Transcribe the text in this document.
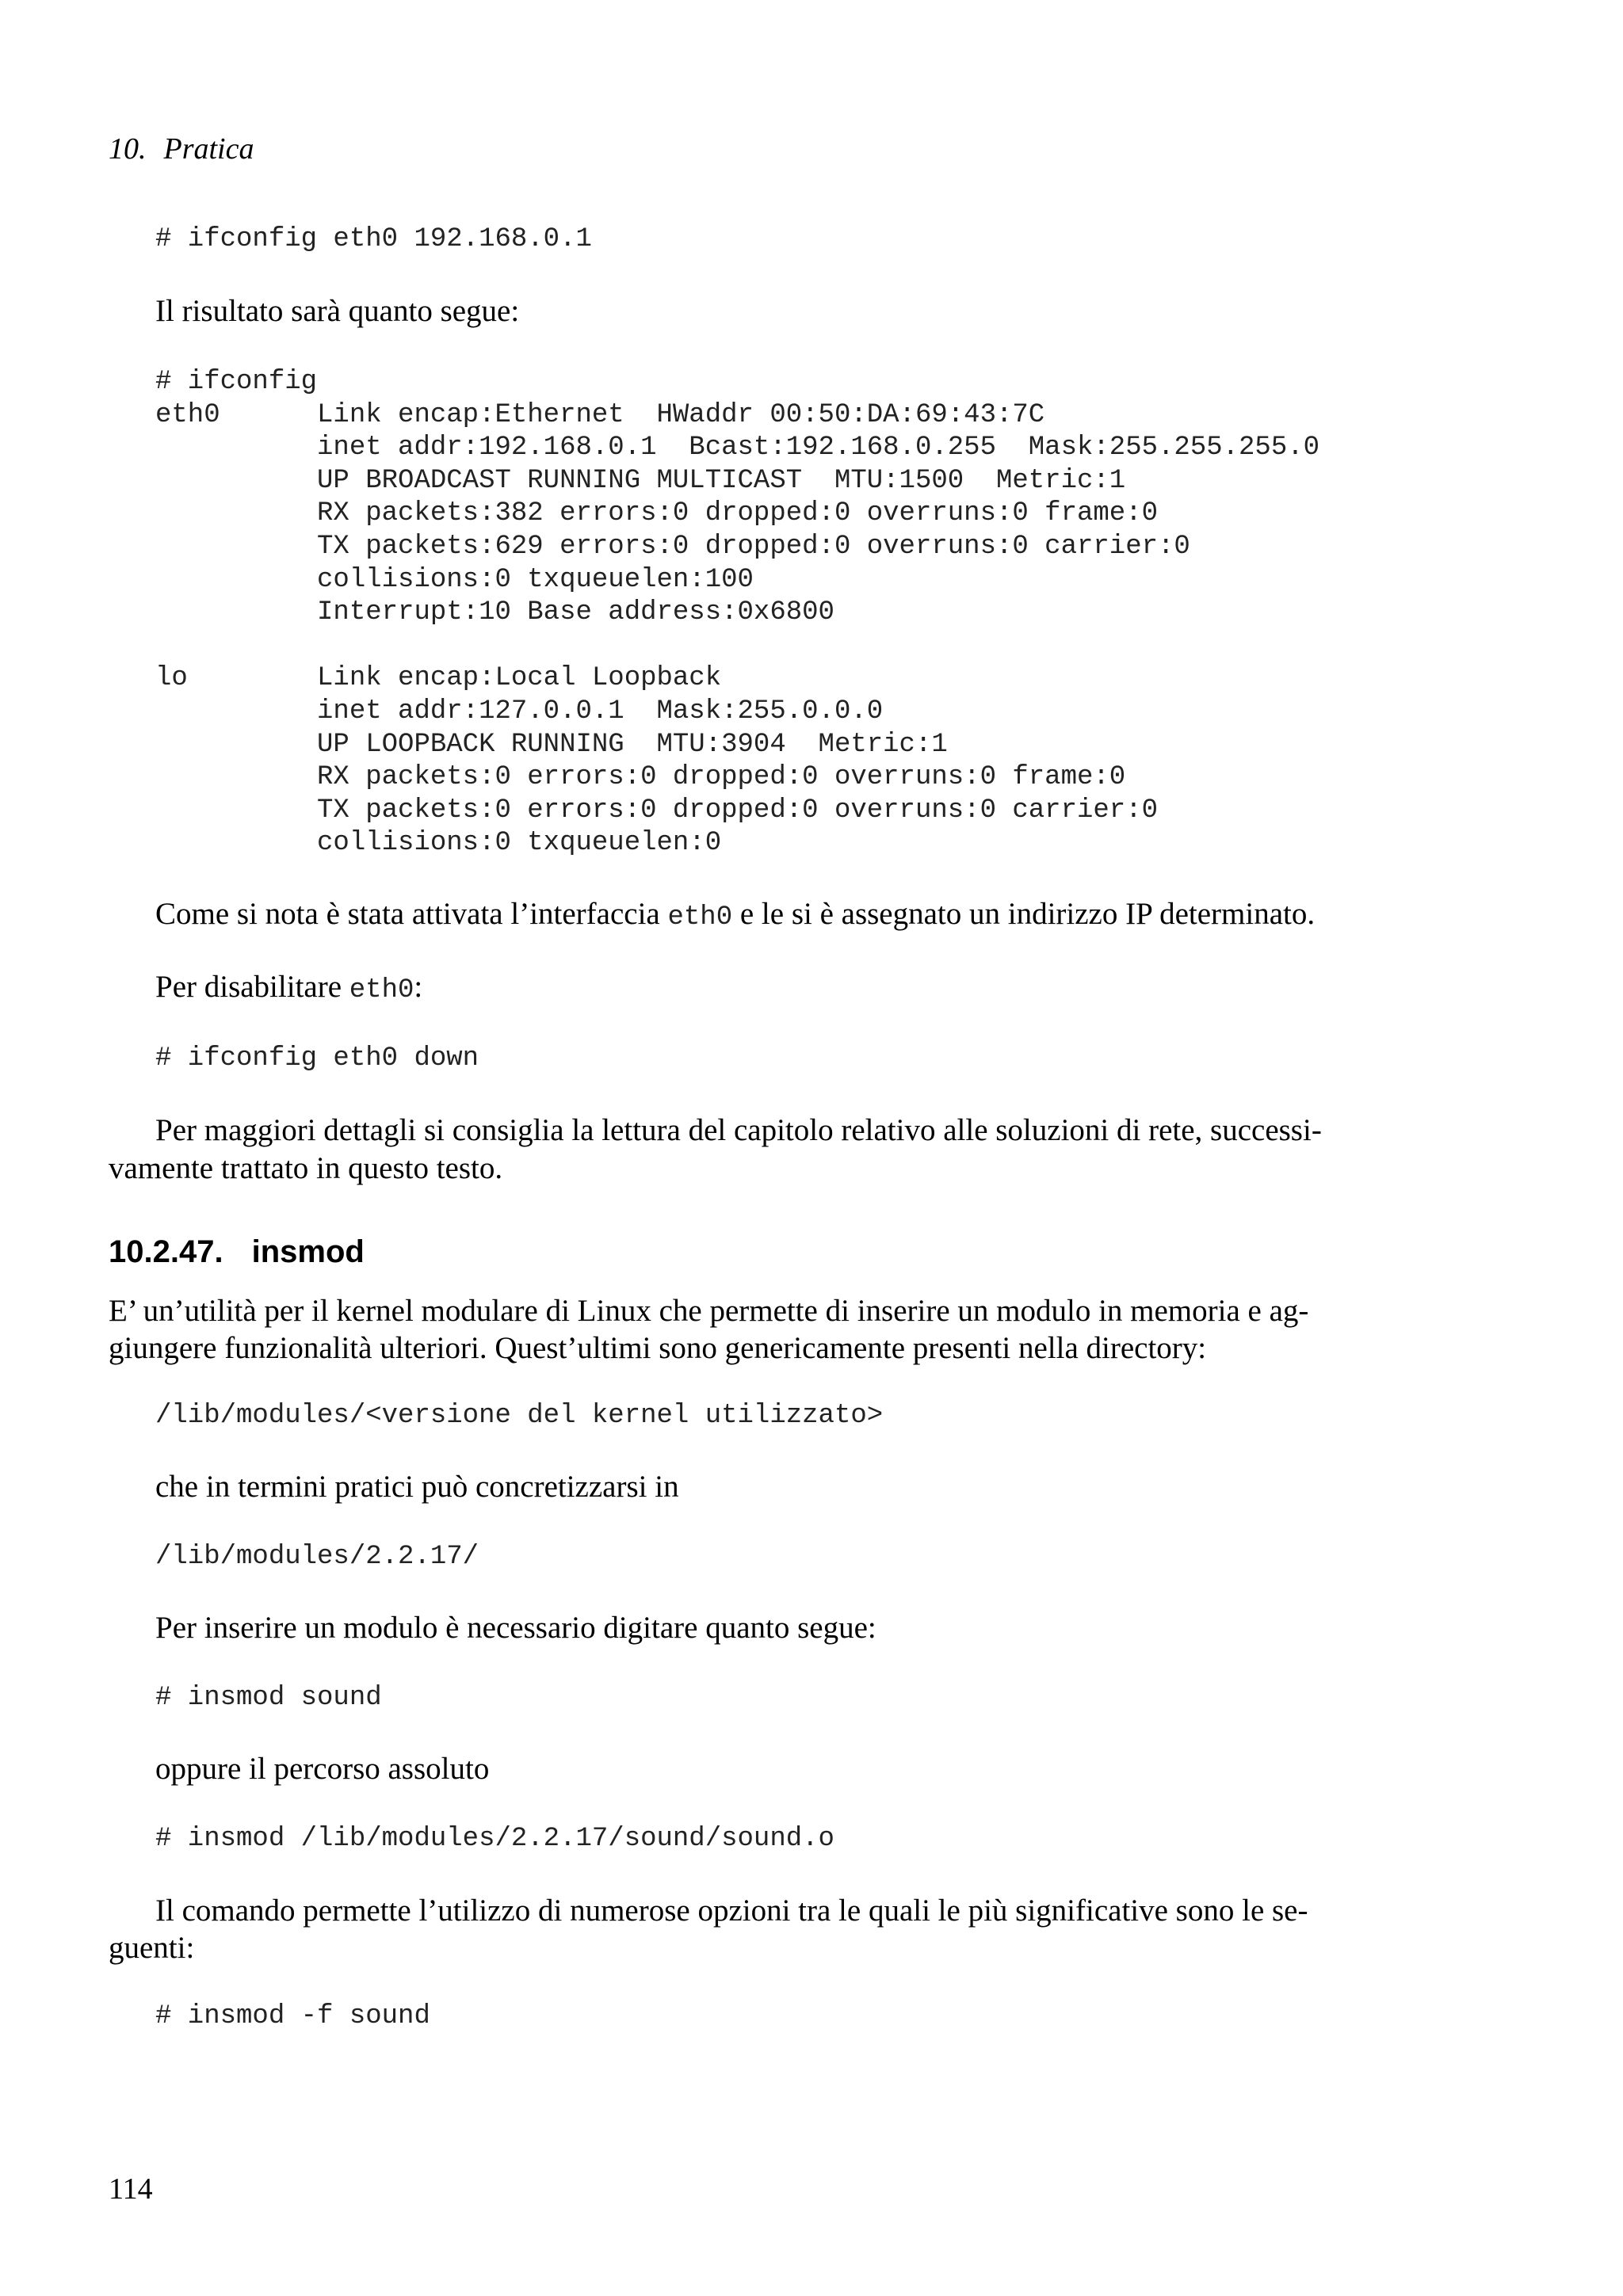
10. Pratica
# ifconfig eth0 192.168.0.1

Il risultato sarà quanto segue:

# ifconfig
eth0      Link encap:Ethernet  HWaddr 00:50:DA:69:43:7C
inet addr:192.168.0.1  Bcast:192.168.0.255  Mask:255.255.255.0
UP BROADCAST RUNNING MULTICAST  MTU:1500  Metric:1
RX packets:382 errors:0 dropped:0 overruns:0 frame:0
TX packets:629 errors:0 dropped:0 overruns:0 carrier:0
collisions:0 txqueuelen:100
Interrupt:10 Base address:0x6800

lo        Link encap:Local Loopback
inet addr:127.0.0.1  Mask:255.0.0.0
UP LOOPBACK RUNNING  MTU:3904  Metric:1
RX packets:0 errors:0 dropped:0 overruns:0 frame:0
TX packets:0 errors:0 dropped:0 overruns:0 carrier:0
collisions:0 txqueuelen:0

Come si nota è stata attivata l’interfaccia eth0 e le si è assegnato un indirizzo IP determinato.

Per disabilitare eth0:

# ifconfig eth0 down

Per maggiori dettagli si consiglia la lettura del capitolo relativo alle soluzioni di rete, successi-

vamente trattato in questo testo.

10.2.47. insmod

E’ un’utilità per il kernel modulare di Linux che permette di inserire un modulo in memoria e ag-

giungere funzionalità ulteriori. Quest’ultimi sono genericamente presenti nella directory:

/lib/modules/<versione del kernel utilizzato>

che in termini pratici può concretizzarsi in

/lib/modules/2.2.17/

Per inserire un modulo è necessario digitare quanto segue:

# insmod sound

oppure il percorso assoluto

# insmod /lib/modules/2.2.17/sound/sound.o

Il comando permette l’utilizzo di numerose opzioni tra le quali le più significative sono le se-

guenti:

# insmod -f sound
114
